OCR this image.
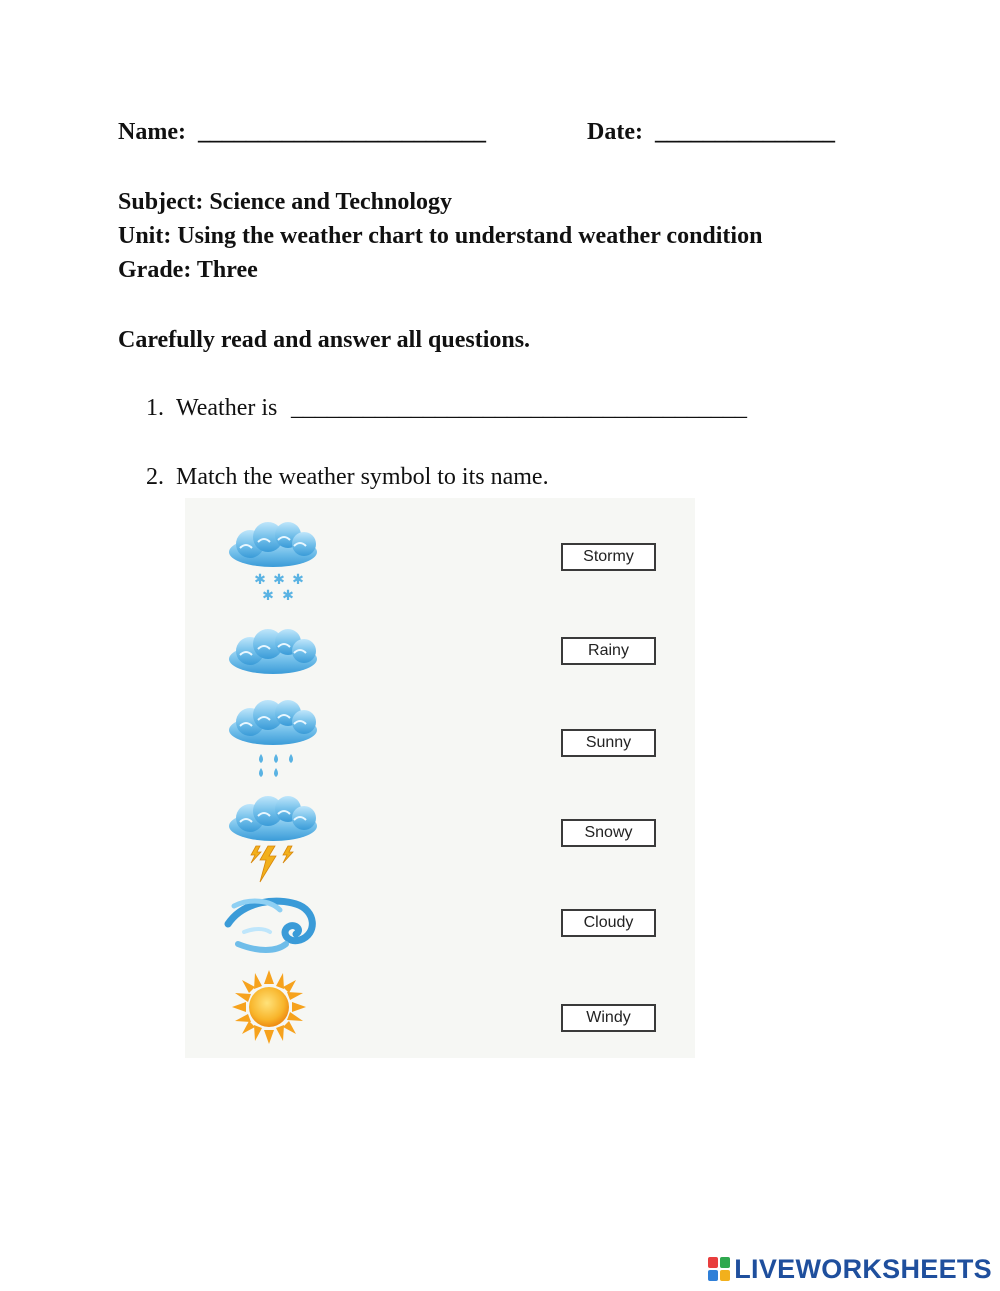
Name: ________________________	Date: _______________
Subject: Science and Technology
Unit: Using the weather chart to understand weather condition
Grade: Three
Carefully read and answer all questions.
1. Weather is ______________________________________
2. Match the weather symbol to its name.
✱ ✱ ✱
✱ ✱
Stormy
Rainy
Sunny
Snowy
Cloudy
Windy
LIVEWORKSHEETS
